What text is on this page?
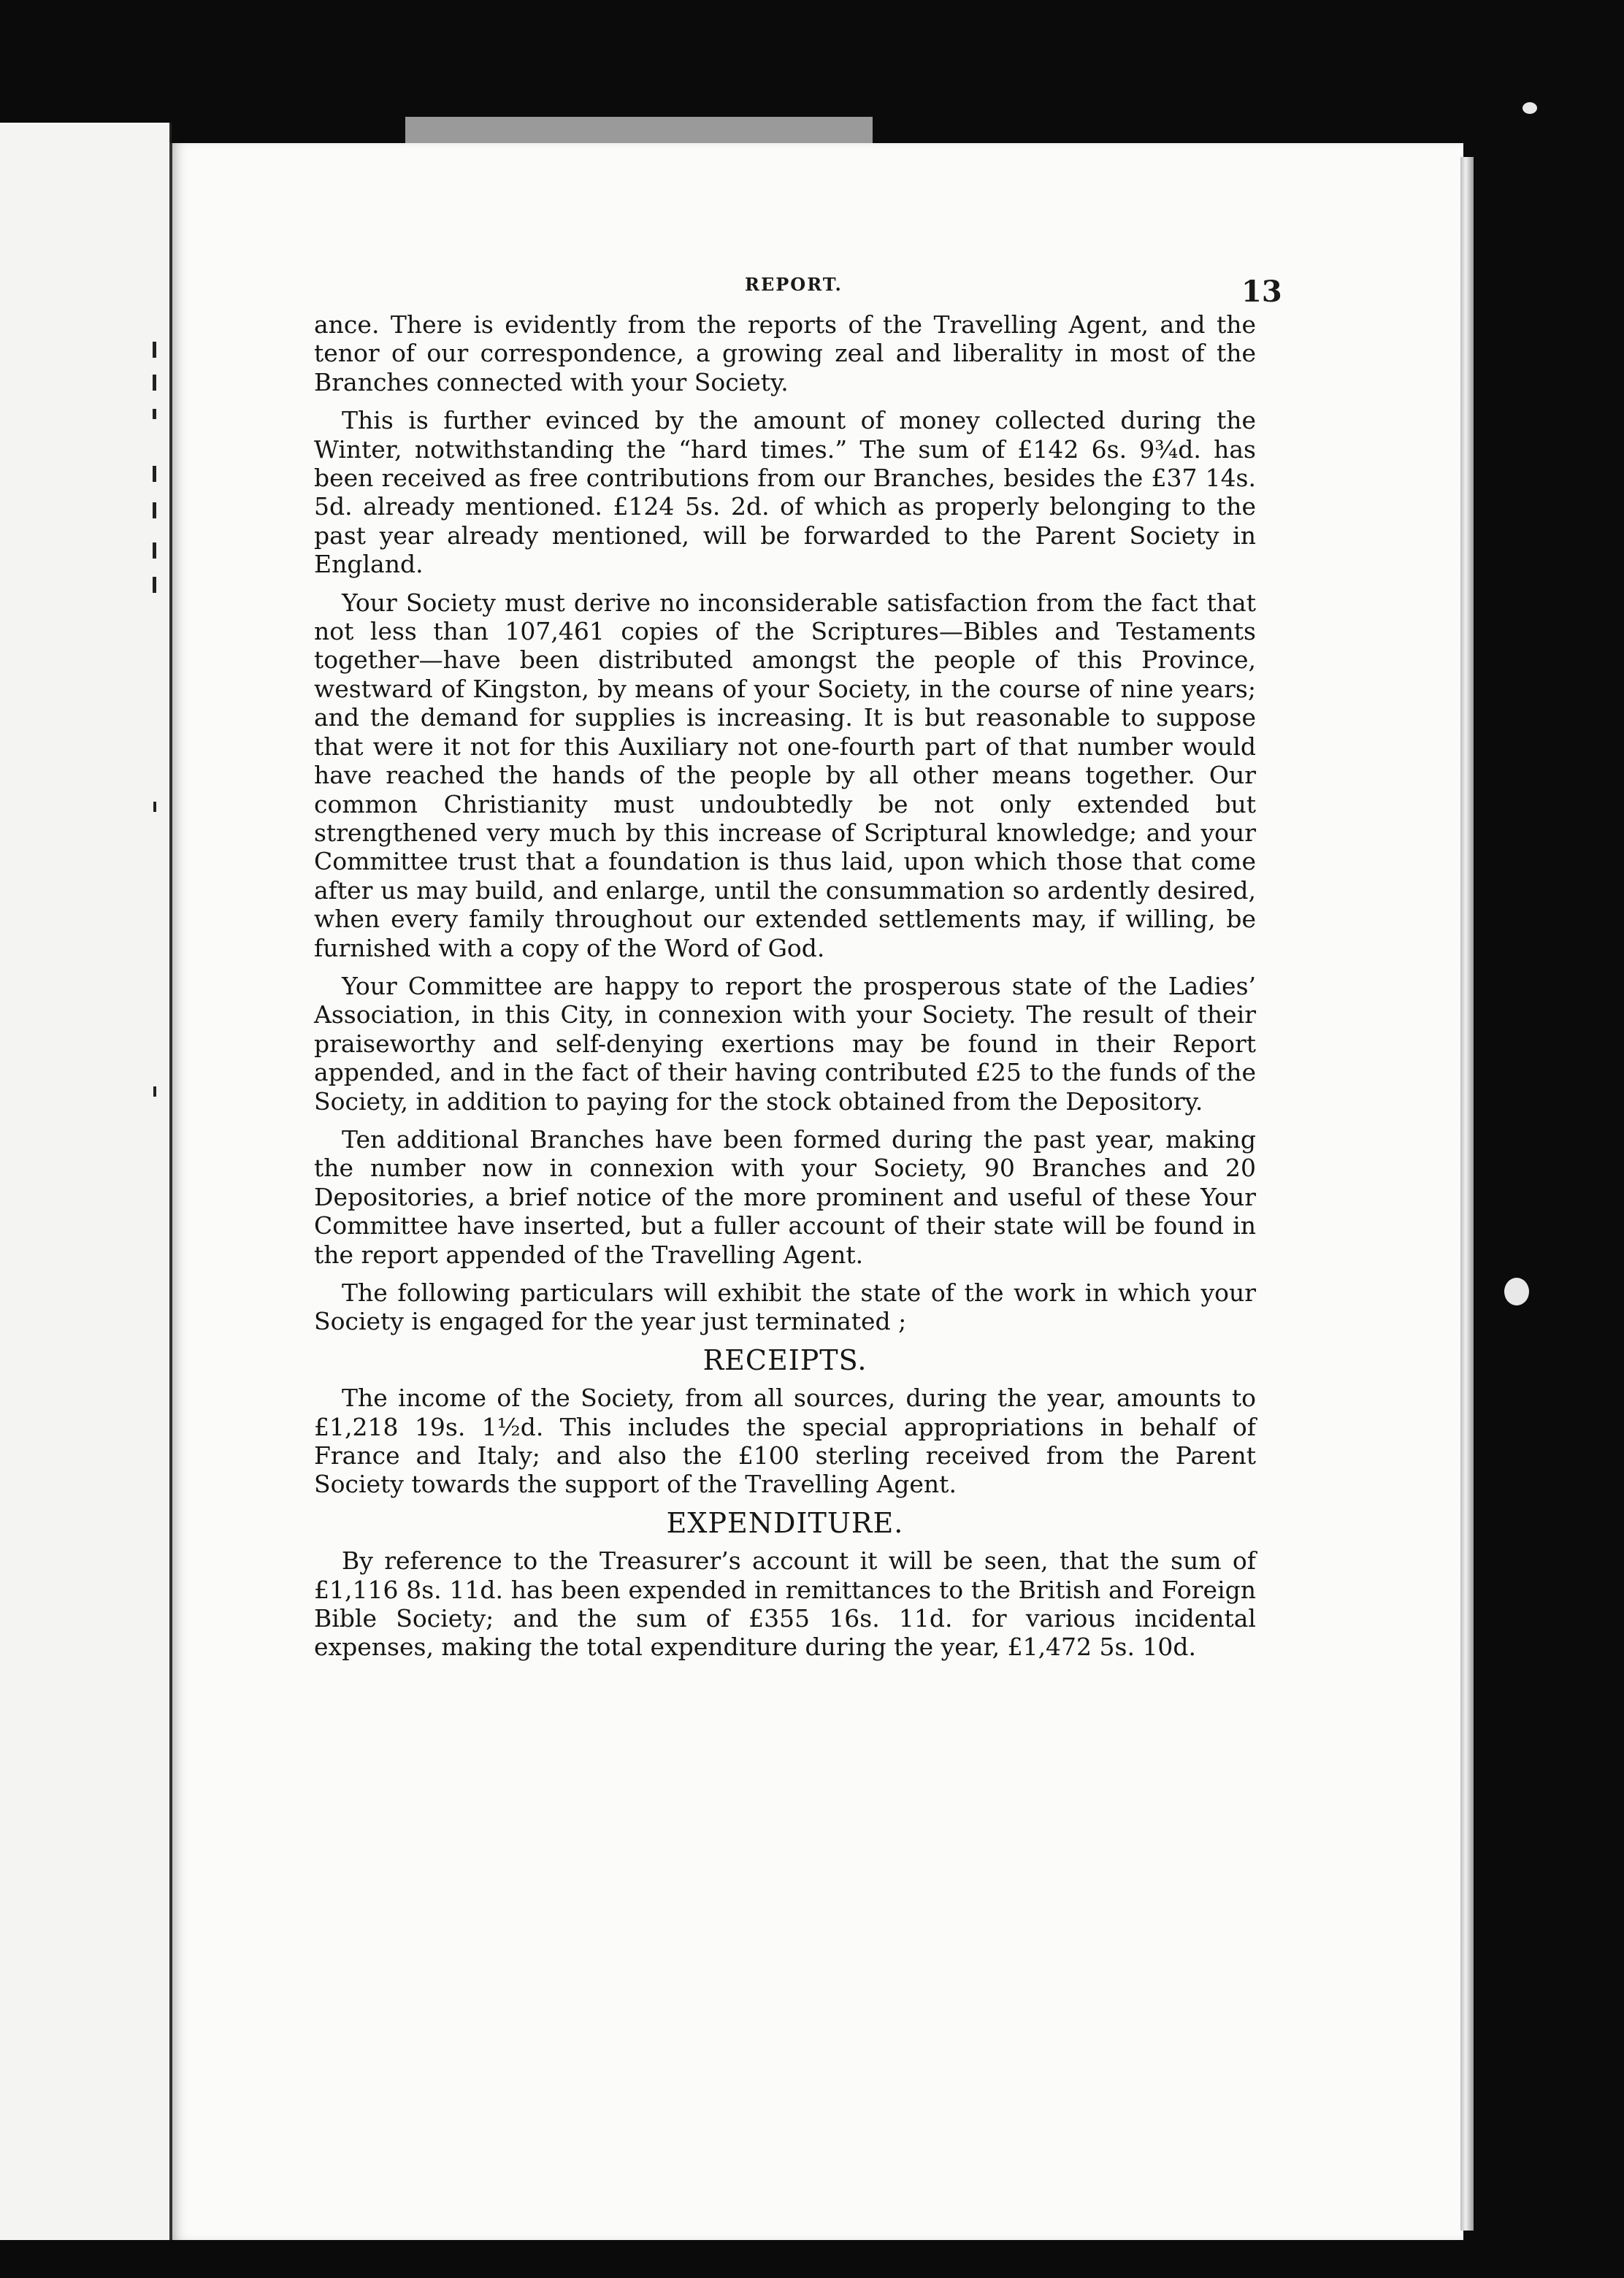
REPORT.	13

ance. There is evidently from the reports of the Travelling Agent, and the tenor of our correspondence, a growing zeal and liberality in most of the Branches connected with your Society.

This is further evinced by the amount of money collected during the Winter, notwithstanding the “hard times.” The sum of £142 6s. 9¾d. has been received as free contributions from our Branches, besides the £37 14s. 5d. already mentioned. £124 5s. 2d. of which as properly belonging to the past year already mentioned, will be forwarded to the Parent Society in England.

Your Society must derive no inconsiderable satisfaction from the fact that not less than 107,461 copies of the Scriptures—Bibles and Testaments together—have been distributed amongst the people of this Province, westward of Kingston, by means of your Society, in the course of nine years; and the demand for supplies is increasing. It is but reasonable to suppose that were it not for this Auxiliary not one-fourth part of that number would have reached the hands of the people by all other means together. Our common Christianity must undoubtedly be not only extended but strengthened very much by this increase of Scriptural knowledge; and your Committee trust that a foundation is thus laid, upon which those that come after us may build, and enlarge, until the consummation so ardently desired, when every family throughout our extended settlements may, if willing, be furnished with a copy of the Word of God.

Your Committee are happy to report the prosperous state of the Ladies’ Association, in this City, in connexion with your Society. The result of their praiseworthy and self-denying exertions may be found in their Report appended, and in the fact of their having contributed £25 to the funds of the Society, in addition to paying for the stock obtained from the Depository.

Ten additional Branches have been formed during the past year, making the number now in connexion with your Society, 90 Branches and 20 Depositories, a brief notice of the more prominent and useful of these Your Committee have inserted, but a fuller account of their state will be found in the report appended of the Travelling Agent.

The following particulars will exhibit the state of the work in which your Society is engaged for the year just terminated ;

RECEIPTS.

The income of the Society, from all sources, during the year, amounts to £1,218 19s. 1½d. This includes the special appropriations in behalf of France and Italy; and also the £100 sterling received from the Parent Society towards the support of the Travelling Agent.

EXPENDITURE.

By reference to the Treasurer’s account it will be seen, that the sum of £1,116 8s. 11d. has been expended in remittances to the British and Foreign Bible Society; and the sum of £355 16s. 11d. for various incidental expenses, making the total expenditure during the year, £1,472 5s. 10d.
